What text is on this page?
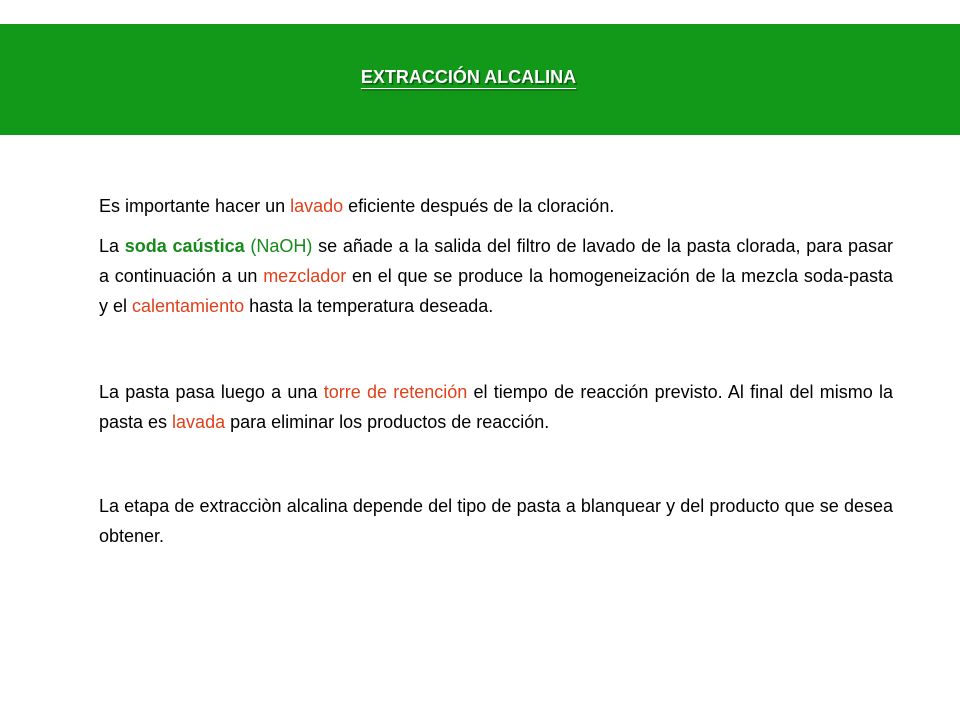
EXTRACCIÓN ALCALINA

Es importante hacer un lavado eficiente después de la cloración.

La soda caústica (NaOH) se añade a la salida del filtro de lavado de la pasta clorada, para pasar a continuación a un mezclador en el que se produce la homogeneización de la mezcla soda-pasta y el calentamiento hasta la temperatura deseada.

La pasta pasa luego a una torre de retención el tiempo de reacción previsto. Al final del mismo la pasta es lavada para eliminar los productos de reacción.

La etapa de extracciòn alcalina depende del tipo de pasta a blanquear y del producto que se desea obtener.
